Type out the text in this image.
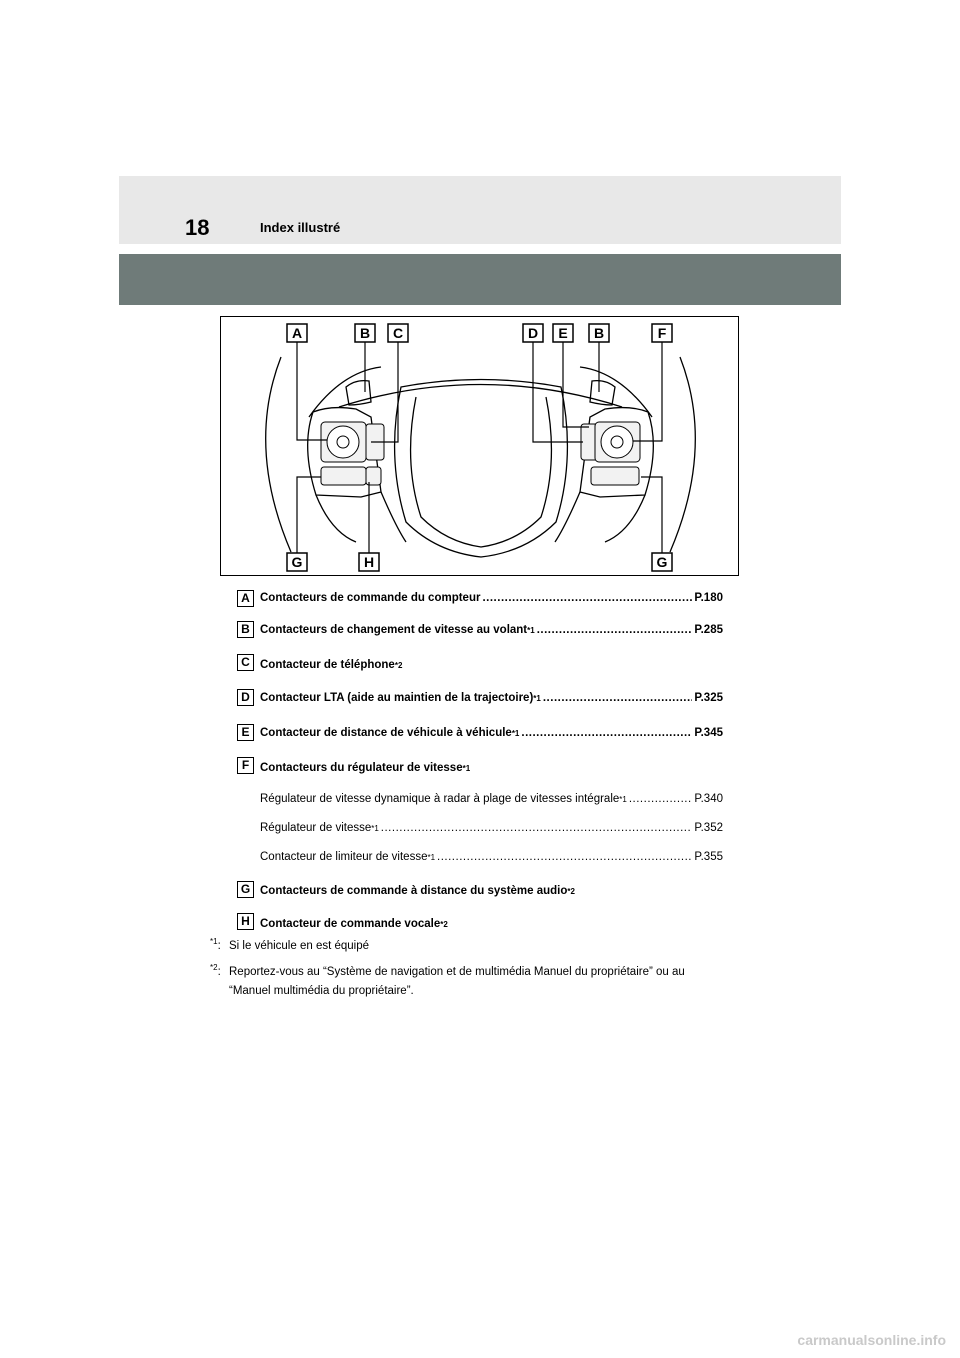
18	Index illustré
A	B C	D E B	F
G	H	G
A Contacteurs de commande du compteur .....	P.180
B Contacteurs de changement de vitesse au volant *1 .....	P.285
C Contacteur de téléphone *2
D Contacteur LTA (aide au maintien de la trajectoire) *1 .....	P.325
E Contacteur de distance de véhicule à véhicule *1 .....	P.345
F Contacteurs du régulateur de vitesse *1
Régulateur de vitesse dynamique à radar à plage de vitesses intégrale *1 .....	P.340
Régulateur de vitesse *1 .....	P.352
Contacteur de limiteur de vitesse *1 .....	P.355
G Contacteurs de commande à distance du système audio *2
H Contacteur de commande vocale *2
$^{*1}$: Si le véhicule en est équipé
$^{*2}$: Reportez-vous au “Système de navigation et de multimédia Manuel du propriétaire” ou au
“Manuel multimédia du propriétaire”.
carmanualsonline.info
